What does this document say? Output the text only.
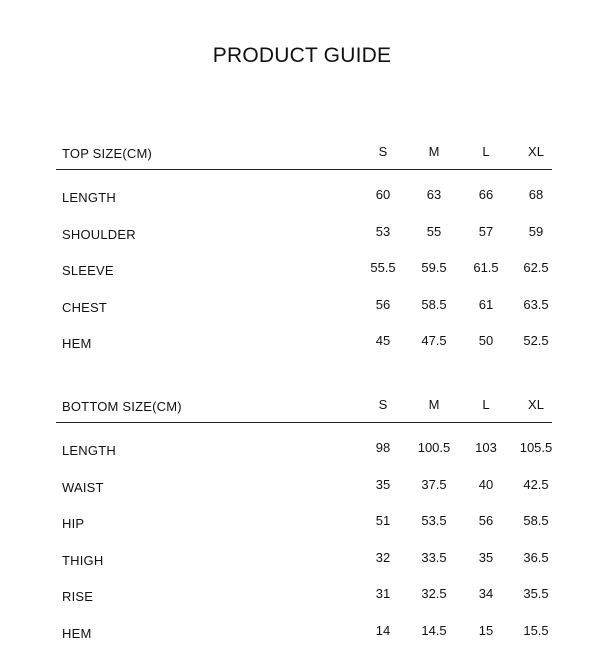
PRODUCT GUIDE
TOP SIZE(CM)	S	M	L	XL
LENGTH	60	63	66	68
SHOULDER	53	55	57	59
SLEEVE	55.5	59.5	61.5	62.5
CHEST	56	58.5	61	63.5
HEM	45	47.5	50	52.5
BOTTOM SIZE(CM)	S	M	L	XL
LENGTH	98	100.5	103	105.5
WAIST	35	37.5	40	42.5
HIP	51	53.5	56	58.5
THIGH	32	33.5	35	36.5
RISE	31	32.5	34	35.5
HEM	14	14.5	15	15.5
